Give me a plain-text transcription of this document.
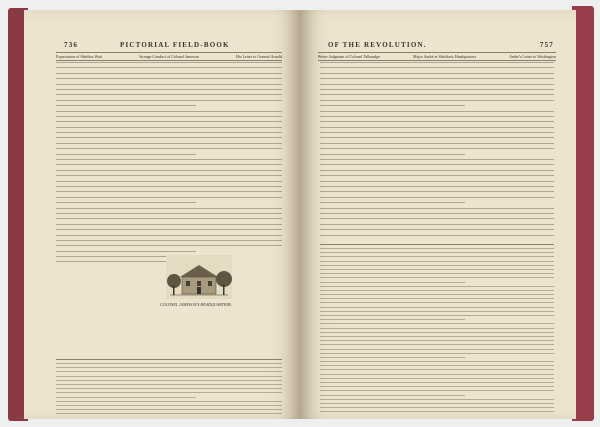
736	PICTORIAL FIELD-BOOK
Expectation of Sheldon Wait	Strange Conduct of Colonel Jameson	His Letter to General Arnold
COLONEL JAMESON'S HEADQUARTERS.
OF THE REVOLUTION.	757
Better Judgment of Colonel Tallmadge	Major André at Sheldon's Headquarters	André's Letter to Washington
